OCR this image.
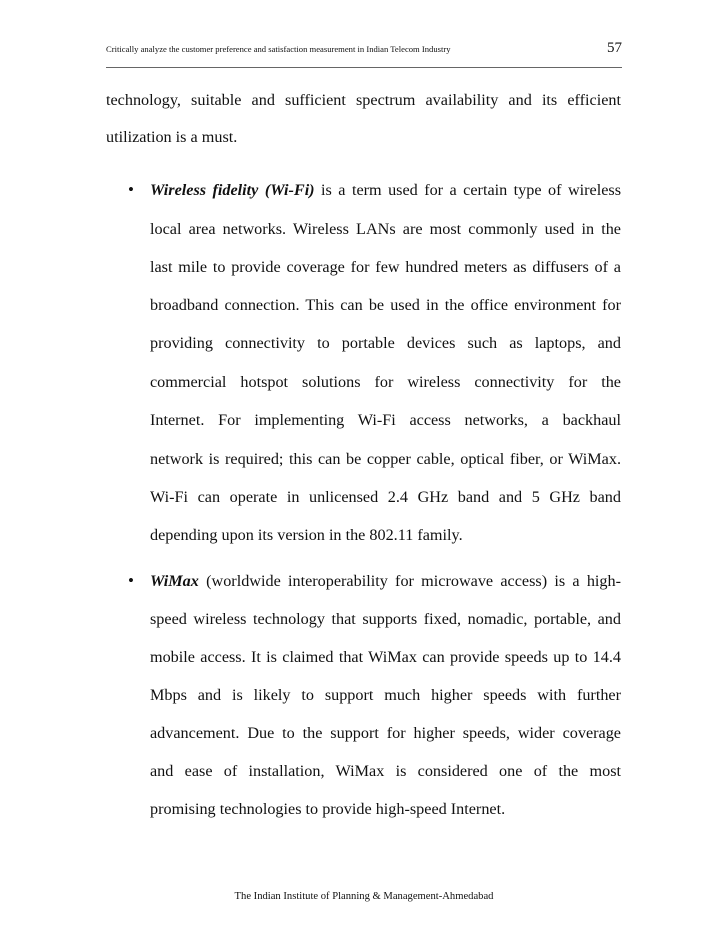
Critically analyze the customer preference and satisfaction measurement in Indian Telecom Industry	57
technology, suitable and sufficient spectrum availability and its efficient
utilization is a must.
• Wireless fidelity (Wi-Fi) is a term used for a certain type of wireless
local area networks. Wireless LANs are most commonly used in the
last mile to provide coverage for few hundred meters as diffusers of a
broadband connection. This can be used in the office environment for
providing connectivity to portable devices such as laptops, and
commercial hotspot solutions for wireless connectivity for the
Internet. For implementing Wi-Fi access networks, a backhaul
network is required; this can be copper cable, optical fiber, or WiMax.
Wi-Fi can operate in unlicensed 2.4 GHz band and 5 GHz band
depending upon its version in the 802.11 family.
• WiMax (worldwide interoperability for microwave access) is a high-
speed wireless technology that supports fixed, nomadic, portable, and
mobile access. It is claimed that WiMax can provide speeds up to 14.4
Mbps and is likely to support much higher speeds with further
advancement. Due to the support for higher speeds, wider coverage
and ease of installation, WiMax is considered one of the most
promising technologies to provide high-speed Internet.
The Indian Institute of Planning & Management-Ahmedabad
